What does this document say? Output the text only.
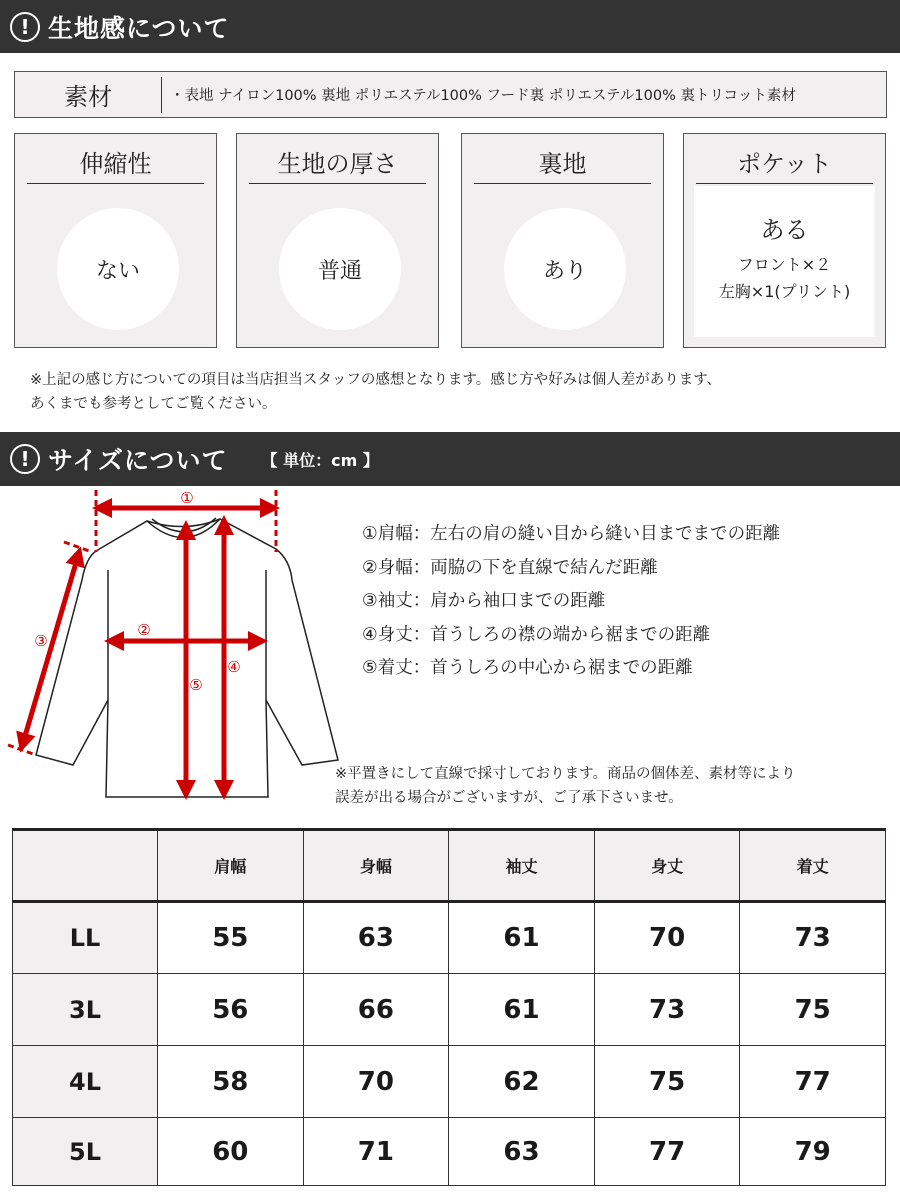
! 生地感について
素材	・表地 ナイロン100% 裏地 ポリエステル100% フード裏 ポリエステル100% 裏トリコット素材
伸縮性
ない
生地の厚さ
普通
裏地
あり
ポケット
ある
フロント×２
左胸×1(プリント)
※上記の感じ方についての項目は当店担当スタッフの感想となります。感じ方や好みは個人差があります、
あくまでも参考としてご覧ください。
! サイズについて 【 単位：cm 】
①
②
③
④
⑤
①肩幅：左右の肩の縫い目から縫い目までまでの距離
②身幅：両脇の下を直線で結んだ距離
③袖丈：肩から袖口までの距離
④身丈：首うしろの襟の端から裾までの距離
⑤着丈：首うしろの中心から裾までの距離
※平置きにして直線で採寸しております。商品の個体差、素材等により
誤差が出る場合がございますが、ご了承下さいませ。
	肩幅	身幅	袖丈	身丈	着丈
LL	55	63	61	70	73
3L	56	66	61	73	75
4L	58	70	62	75	77
5L	60	71	63	77	79
